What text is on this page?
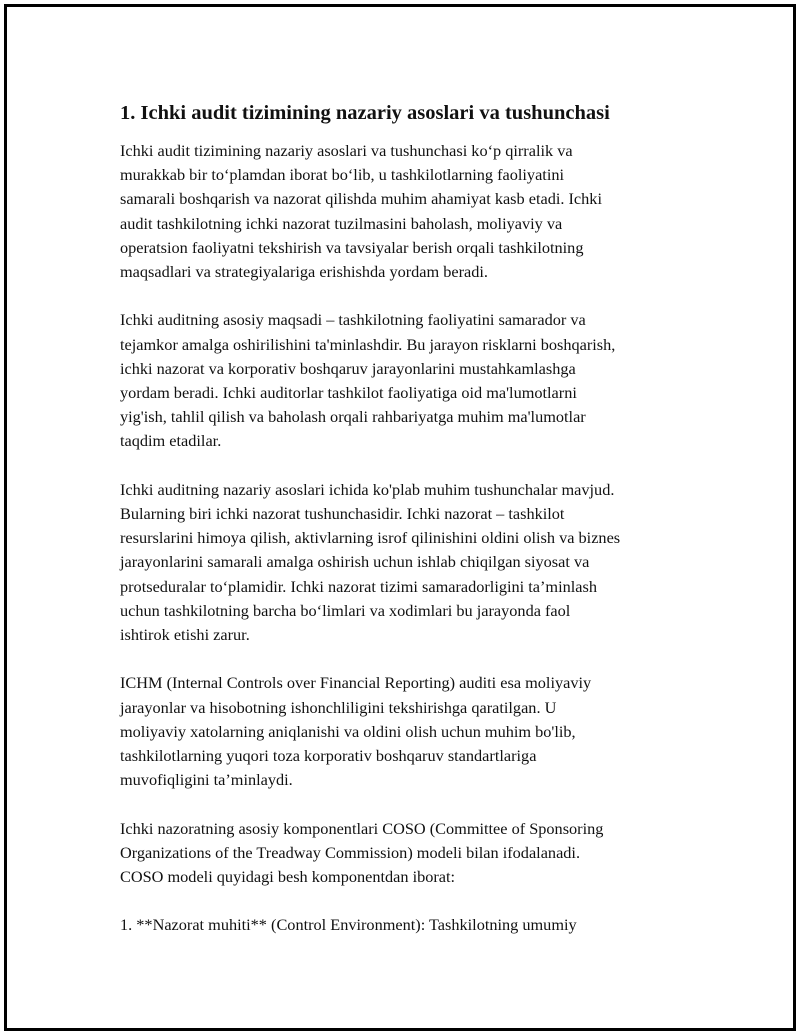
1. Ichki audit tizimining nazariy asoslari va tushunchasi
Ichki audit tizimining nazariy asoslari va tushunchasi koʻp qirralik va
murakkab bir toʻplamdan iborat boʻlib, u tashkilotlarning faoliyatini
samarali boshqarish va nazorat qilishda muhim ahamiyat kasb etadi. Ichki
audit tashkilotning ichki nazorat tuzilmasini baholash, moliyaviy va
operatsion faoliyatni tekshirish va tavsiyalar berish orqali tashkilotning
maqsadlari va strategiyalariga erishishda yordam beradi.
Ichki auditning asosiy maqsadi – tashkilotning faoliyatini samarador va
tejamkor amalga oshirilishini ta'minlashdir. Bu jarayon risklarni boshqarish,
ichki nazorat va korporativ boshqaruv jarayonlarini mustahkamlashga
yordam beradi. Ichki auditorlar tashkilot faoliyatiga oid ma'lumotlarni
yig'ish, tahlil qilish va baholash orqali rahbariyatga muhim ma'lumotlar
taqdim etadilar.
Ichki auditning nazariy asoslari ichida ko'plab muhim tushunchalar mavjud.
Bularning biri ichki nazorat tushunchasidir. Ichki nazorat – tashkilot
resurslarini himoya qilish, aktivlarning isrof qilinishini oldini olish va biznes
jarayonlarini samarali amalga oshirish uchun ishlab chiqilgan siyosat va
protseduralar toʻplamidir. Ichki nazorat tizimi samaradorligini ta’minlash
uchun tashkilotning barcha boʻlimlari va xodimlari bu jarayonda faol
ishtirok etishi zarur.
ICHM (Internal Controls over Financial Reporting) auditi esa moliyaviy
jarayonlar va hisobotning ishonchliligini tekshirishga qaratilgan. U
moliyaviy xatolarning aniqlanishi va oldini olish uchun muhim bo'lib,
tashkilotlarning yuqori toza korporativ boshqaruv standartlariga
muvofiqligini ta’minlaydi.
Ichki nazoratning asosiy komponentlari COSO (Committee of Sponsoring
Organizations of the Treadway Commission) modeli bilan ifodalanadi.
COSO modeli quyidagi besh komponentdan iborat:
1. **Nazorat muhiti** (Control Environment): Tashkilotning umumiy
